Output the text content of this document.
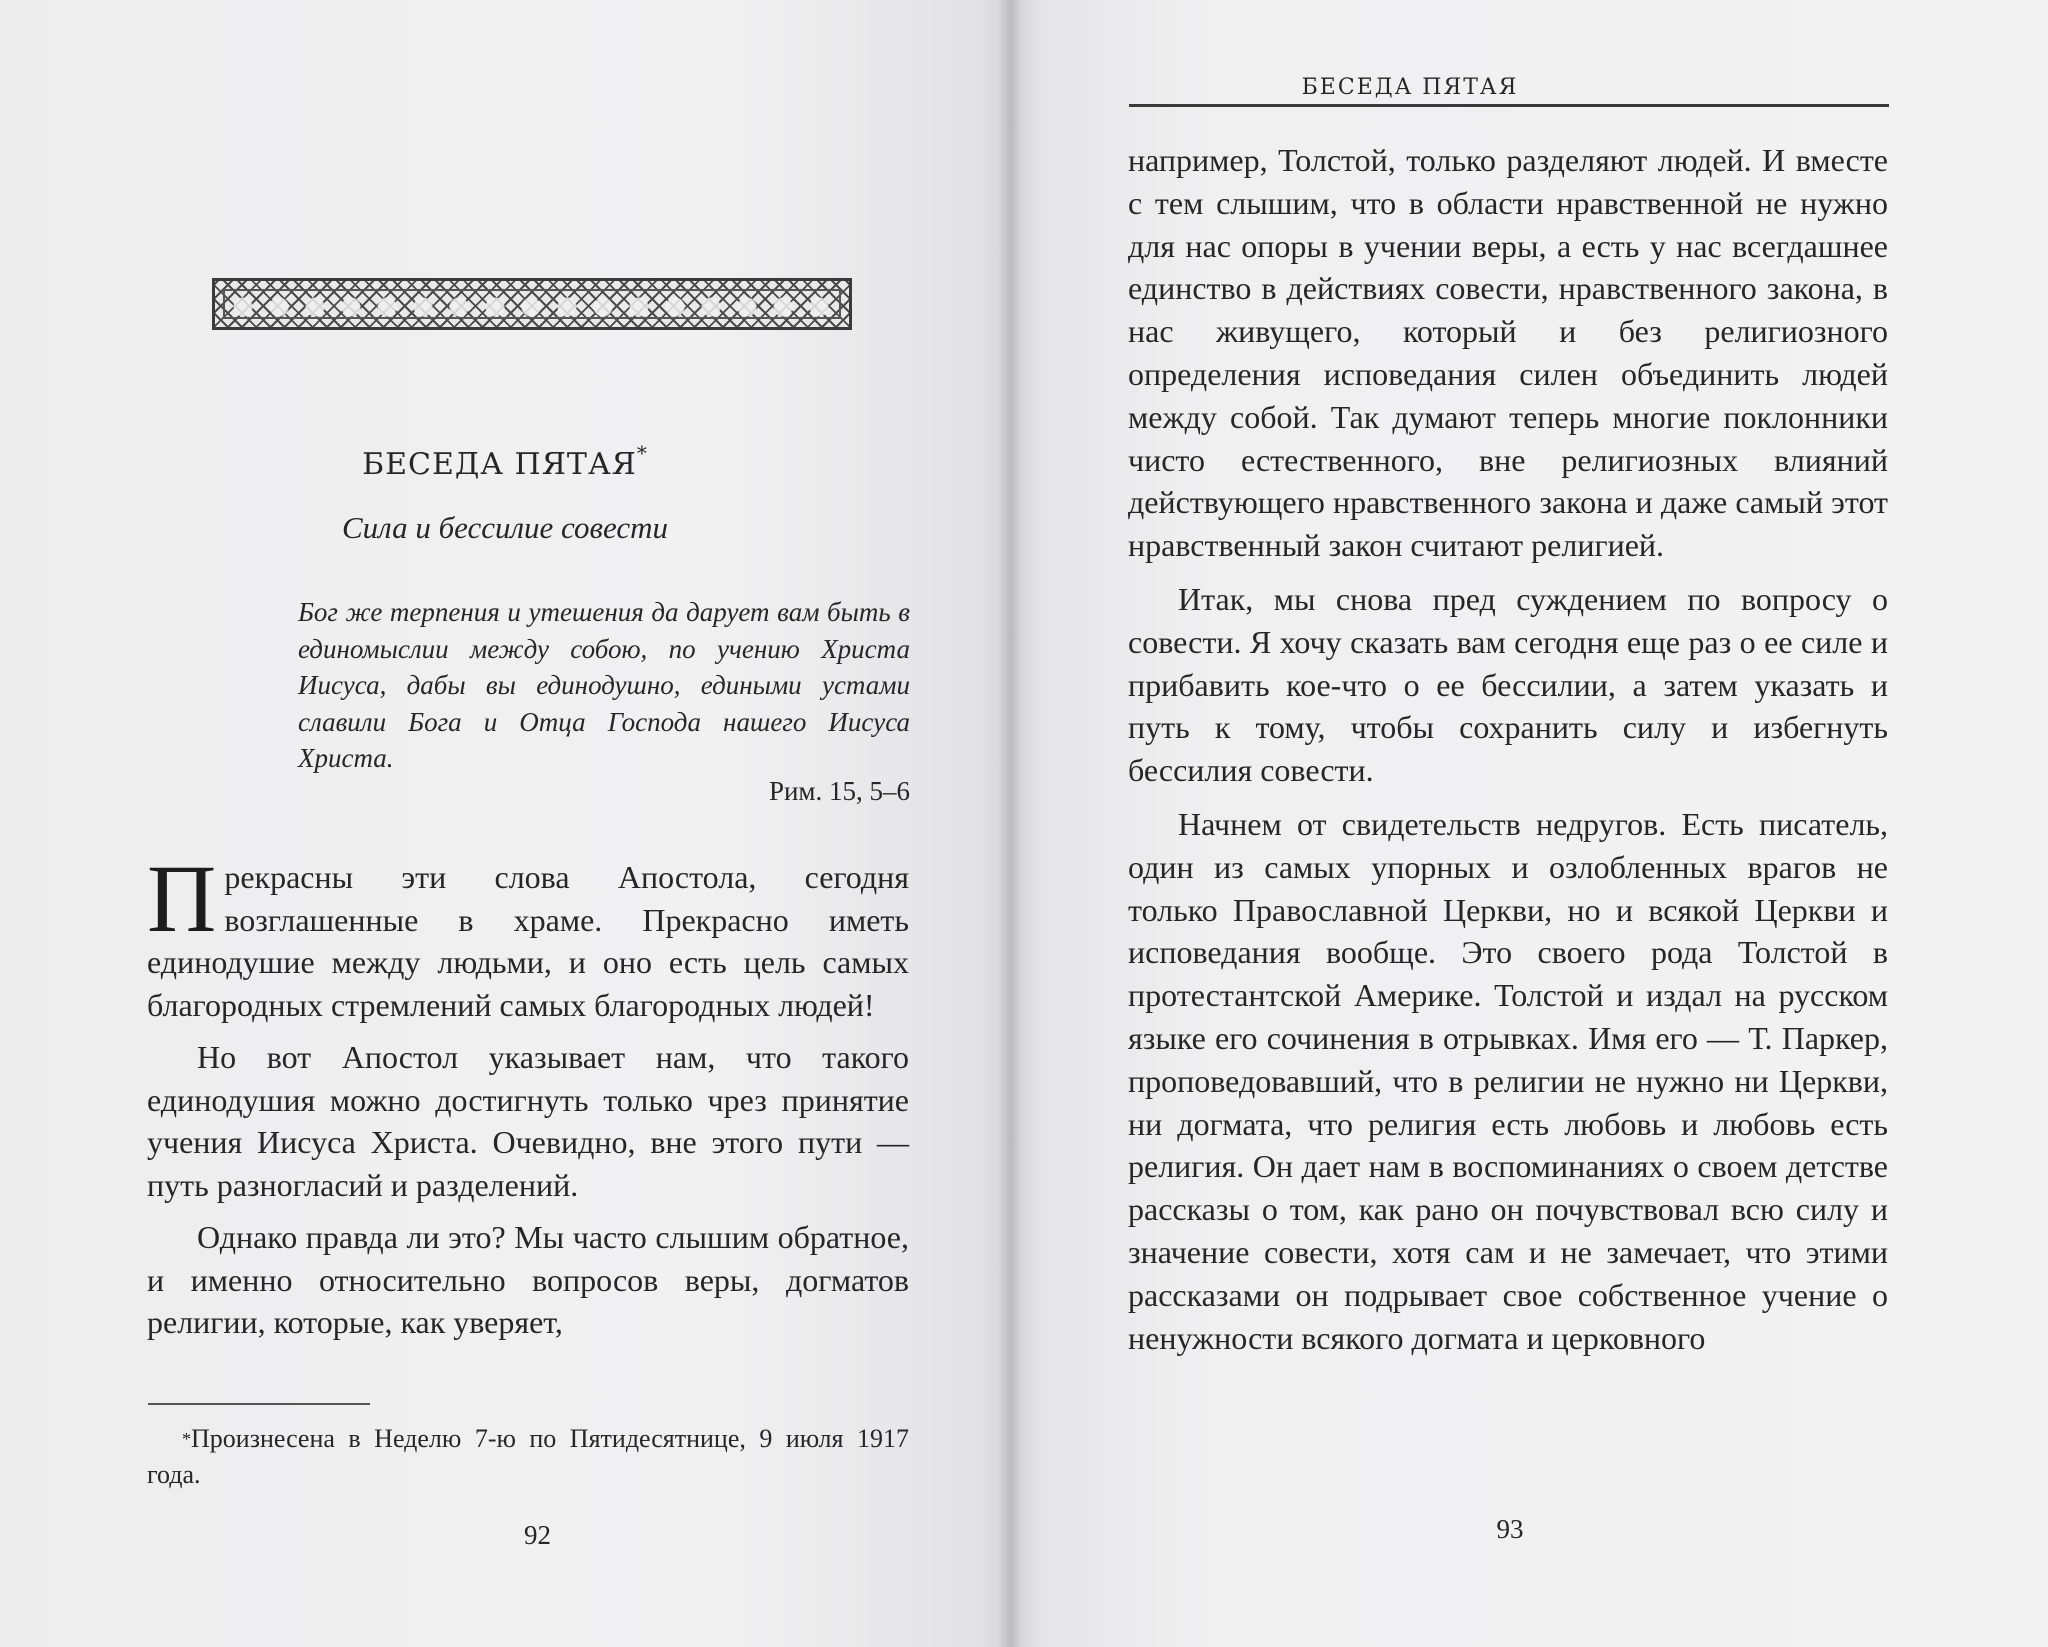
БЕСЕДА ПЯТАЯ*
Сила и бессилие совести

Бог же терпения и утешения да дарует вам быть в единомыслии между собою, по учению Христа Иисуса, дабы вы единодушно, едиными устами славили Бога и Отца Господа нашего Иисуса Христа.

Рим. 15, 5–6

Прекрасны эти слова Апостола, сегодня возглашенные в храме. Прекрасно иметь единодушие между людьми, и оно есть цель самых благородных стремлений самых благородных людей!

Но вот Апостол указывает нам, что такого единодушия можно достигнуть только чрез принятие учения Иисуса Христа. Очевидно, вне этого пути — путь разногласий и разделений.

Однако правда ли это? Мы часто слышим обратное, и именно относительно вопросов веры, догматов религии, которые, как уверяет,

*Произнесена в Неделю 7-ю по Пятидесятнице, 9 июля 1917 года.
92
БЕСЕДА ПЯТАЯ

например, Толстой, только разделяют людей. И вместе с тем слышим, что в области нравственной не нужно для нас опоры в учении веры, а есть у нас всегдашнее единство в действиях совести, нравственного закона, в нас живущего, который и без религиозного определения исповедания силен объединить людей между собой. Так думают теперь многие поклонники чисто естественного, вне религиозных влияний действующего нравственного закона и даже самый этот нравственный закон считают религией.

Итак, мы снова пред суждением по вопросу о совести. Я хочу сказать вам сегодня еще раз о ее силе и прибавить кое-что о ее бессилии, а затем указать и путь к тому, чтобы сохранить силу и избегнуть бессилия совести.

Начнем от свидетельств недругов. Есть писатель, один из самых упорных и озлобленных врагов не только Православной Церкви, но и всякой Церкви и исповедания вообще. Это своего рода Толстой в протестантской Америке. Толстой и издал на русском языке его сочинения в отрывках. Имя его — Т. Паркер, проповедовавший, что в религии не нужно ни Церкви, ни догмата, что религия есть любовь и любовь есть религия. Он дает нам в воспоминаниях о своем детстве рассказы о том, как рано он почувствовал всю силу и значение совести, хотя сам и не замечает, что этими рассказами он подрывает свое собственное учение о ненужности всякого догмата и церковного

93
